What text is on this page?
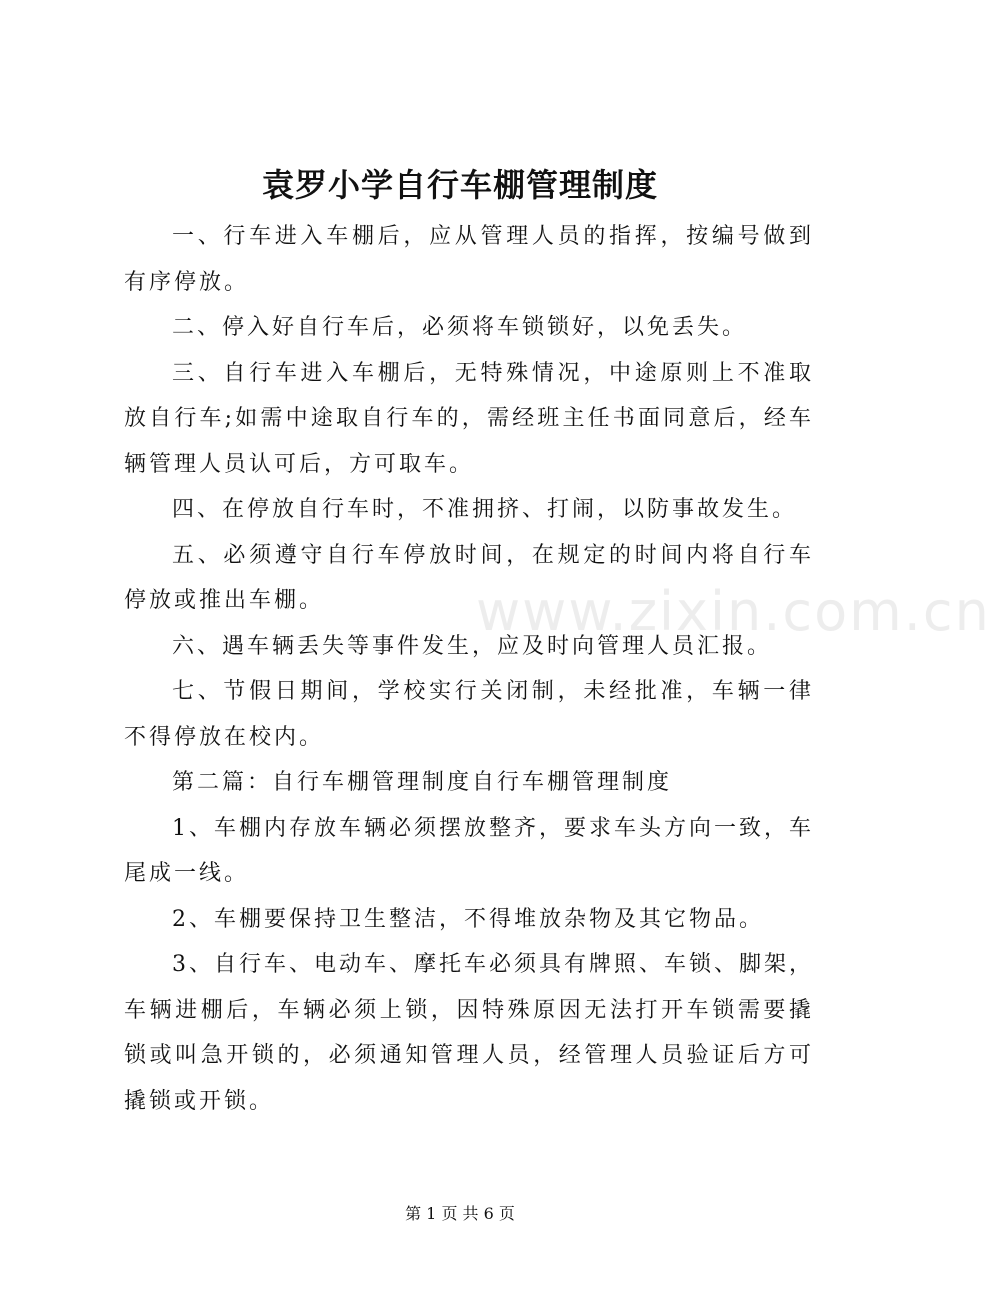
袁罗小学自行车棚管理制度

一、行车进入车棚后，应从管理人员的指挥，按编号做到有序停放。

二、停入好自行车后，必须将车锁锁好，以免丢失。

三、自行车进入车棚后，无特殊情况，中途原则上不准取放自行车;如需中途取自行车的，需经班主任书面同意后，经车辆管理人员认可后，方可取车。

四、在停放自行车时，不准拥挤、打闹，以防事故发生。

五、必须遵守自行车停放时间，在规定的时间内将自行车停放或推出车棚。

六、遇车辆丢失等事件发生，应及时向管理人员汇报。

七、节假日期间，学校实行关闭制，未经批准，车辆一律不得停放在校内。

第二篇：自行车棚管理制度自行车棚管理制度

1、车棚内存放车辆必须摆放整齐，要求车头方向一致，车尾成一线。

2、车棚要保持卫生整洁，不得堆放杂物及其它物品。

3、自行车、电动车、摩托车必须具有牌照、车锁、脚架，车辆进棚后，车辆必须上锁，因特殊原因无法打开车锁需要撬锁或叫急开锁的，必须通知管理人员，经管理人员验证后方可撬锁或开锁。

www.zixin.com.cn
第 1 页 共 6 页
